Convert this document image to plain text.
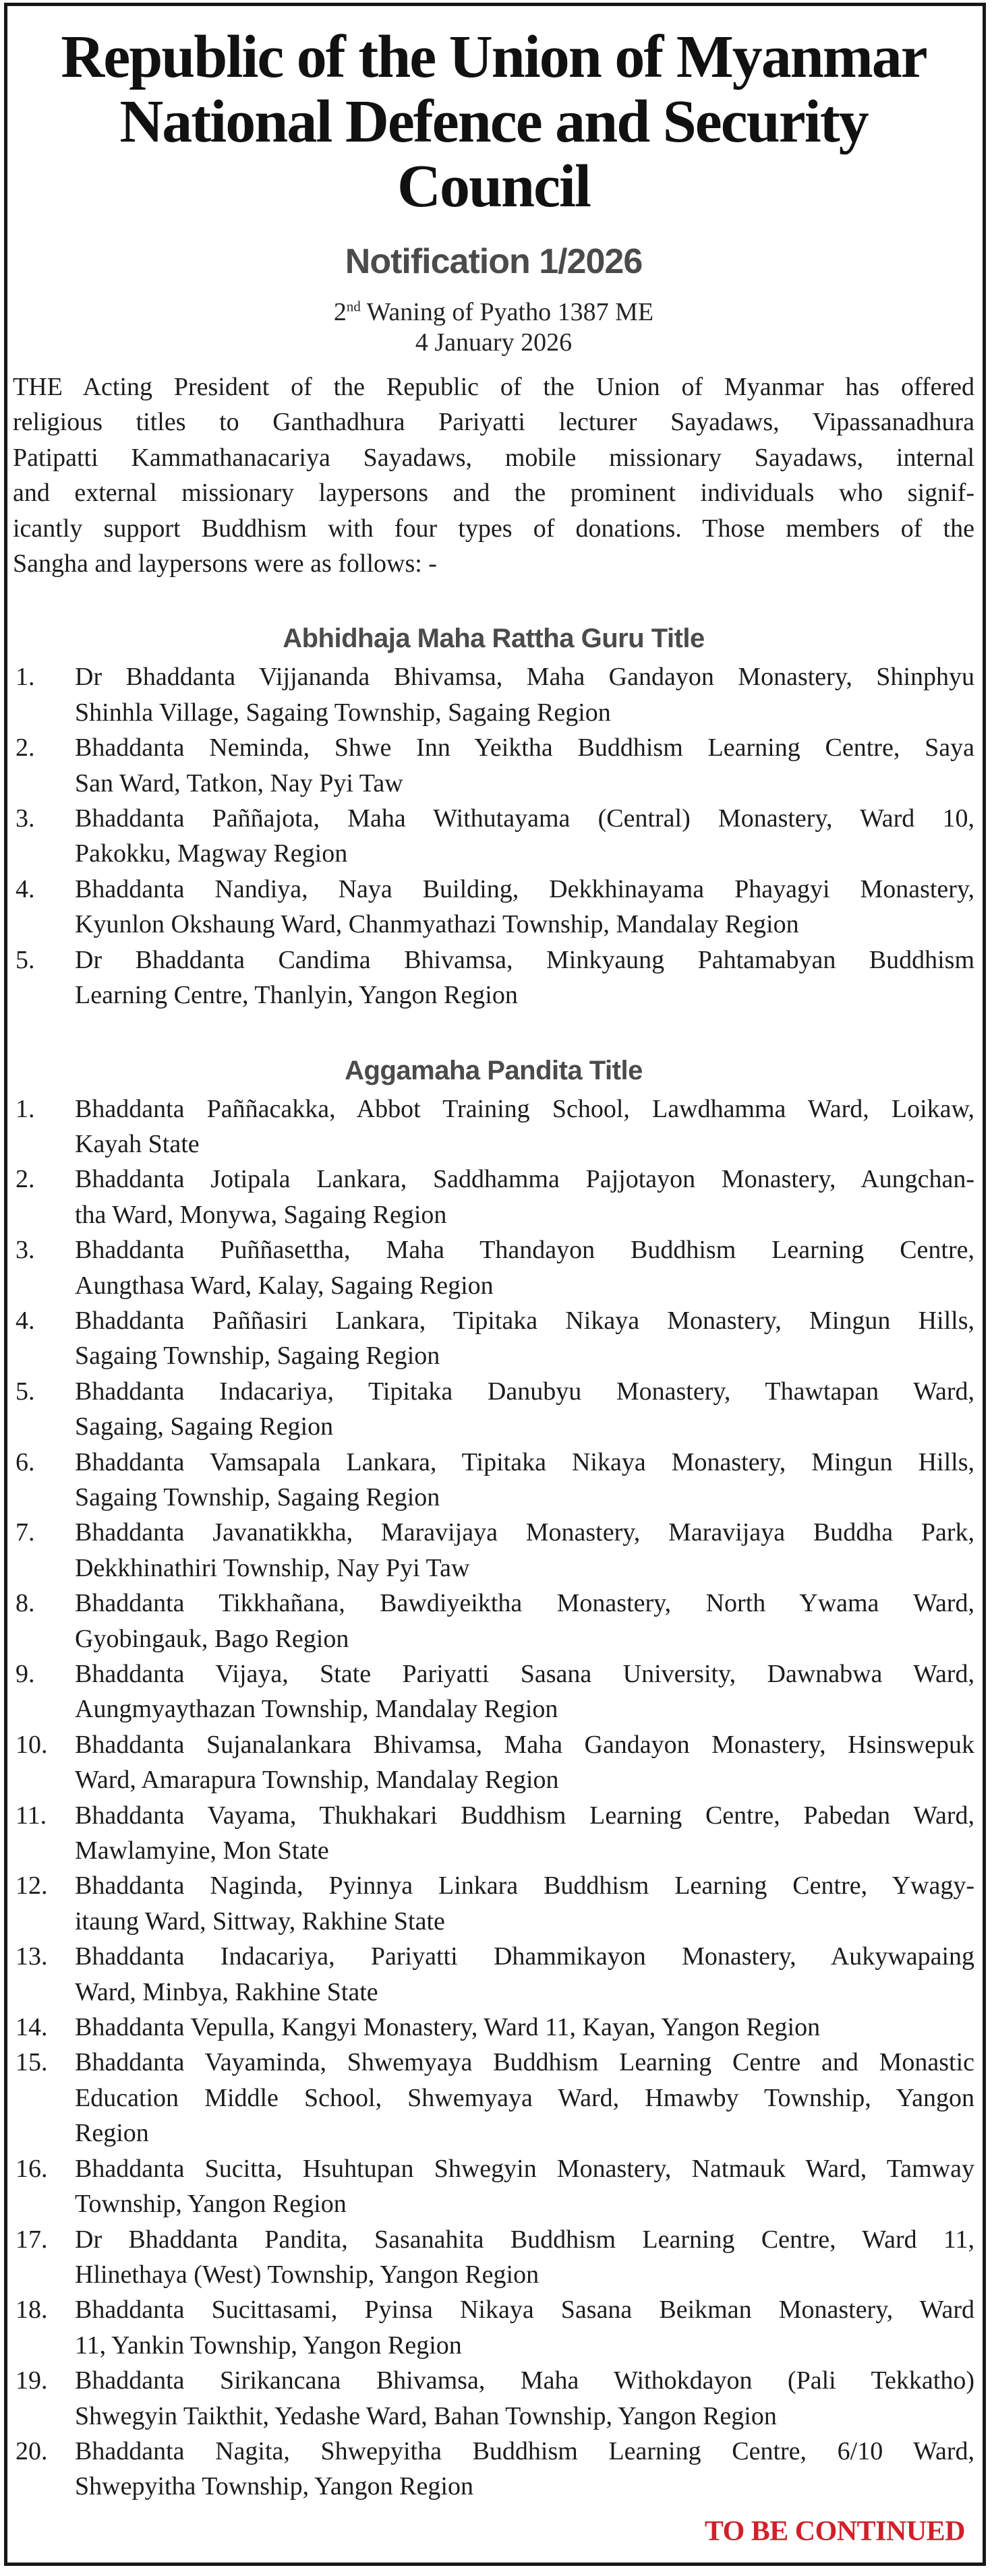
Republic of the Union of Myanmar
National Defence and Security
Council
Notification 1/2026
2nd Waning of Pyatho 1387 ME
4 January 2026
THE Acting President of the Republic of the Union of Myanmar has offered
religious titles to Ganthadhura Pariyatti lecturer Sayadaws, Vipassanadhura
Patipatti Kammathanacariya Sayadaws, mobile missionary Sayadaws, internal
and external missionary laypersons and the prominent individuals who signif-
icantly support Buddhism with four types of donations. Those members of the
Sangha and laypersons were as follows: -
Abhidhaja Maha Rattha Guru Title
1.	Dr Bhaddanta Vijjananda Bhivamsa, Maha Gandayon Monastery, Shinphyu
Shinhla Village, Sagaing Township, Sagaing Region
2.	Bhaddanta Neminda, Shwe Inn Yeiktha Buddhism Learning Centre, Saya
San Ward, Tatkon, Nay Pyi Taw
3.	Bhaddanta Paññajota, Maha Withutayama (Central) Monastery, Ward 10,
Pakokku, Magway Region
4.	Bhaddanta Nandiya, Naya Building, Dekkhinayama Phayagyi Monastery,
Kyunlon Okshaung Ward, Chanmyathazi Township, Mandalay Region
5.	Dr Bhaddanta Candima Bhivamsa, Minkyaung Pahtamabyan Buddhism
Learning Centre, Thanlyin, Yangon Region
Aggamaha Pandita Title
1.	Bhaddanta Paññacakka, Abbot Training School, Lawdhamma Ward, Loikaw,
Kayah State
2.	Bhaddanta Jotipala Lankara, Saddhamma Pajjotayon Monastery, Aungchan-
tha Ward, Monywa, Sagaing Region
3.	Bhaddanta Puññasettha, Maha Thandayon Buddhism Learning Centre,
Aungthasa Ward, Kalay, Sagaing Region
4.	Bhaddanta Paññasiri Lankara, Tipitaka Nikaya Monastery, Mingun Hills,
Sagaing Township, Sagaing Region
5.	Bhaddanta Indacariya, Tipitaka Danubyu Monastery, Thawtapan Ward,
Sagaing, Sagaing Region
6.	Bhaddanta Vamsapala Lankara, Tipitaka Nikaya Monastery, Mingun Hills,
Sagaing Township, Sagaing Region
7.	Bhaddanta Javanatikkha, Maravijaya Monastery, Maravijaya Buddha Park,
Dekkhinathiri Township, Nay Pyi Taw
8.	Bhaddanta Tikkhañana, Bawdiyeiktha Monastery, North Ywama Ward,
Gyobingauk, Bago Region
9.	Bhaddanta Vijaya, State Pariyatti Sasana University, Dawnabwa Ward,
Aungmyaythazan Township, Mandalay Region
10.	Bhaddanta Sujanalankara Bhivamsa, Maha Gandayon Monastery, Hsinswepuk
Ward, Amarapura Township, Mandalay Region
11.	Bhaddanta Vayama, Thukhakari Buddhism Learning Centre, Pabedan Ward,
Mawlamyine, Mon State
12.	Bhaddanta Naginda, Pyinnya Linkara Buddhism Learning Centre, Ywagy-
itaung Ward, Sittway, Rakhine State
13.	Bhaddanta Indacariya, Pariyatti Dhammikayon Monastery, Aukywapaing
Ward, Minbya, Rakhine State
14.	Bhaddanta Vepulla, Kangyi Monastery, Ward 11, Kayan, Yangon Region
15.	Bhaddanta Vayaminda, Shwemyaya Buddhism Learning Centre and Monastic
Education Middle School, Shwemyaya Ward, Hmawby Township, Yangon
Region
16.	Bhaddanta Sucitta, Hsuhtupan Shwegyin Monastery, Natmauk Ward, Tamway
Township, Yangon Region
17.	Dr Bhaddanta Pandita, Sasanahita Buddhism Learning Centre, Ward 11,
Hlinethaya (West) Township, Yangon Region
18.	Bhaddanta Sucittasami, Pyinsa Nikaya Sasana Beikman Monastery, Ward
11, Yankin Township, Yangon Region
19.	Bhaddanta Sirikancana Bhivamsa, Maha Withokdayon (Pali Tekkatho)
Shwegyin Taikthit, Yedashe Ward, Bahan Township, Yangon Region
20.	Bhaddanta Nagita, Shwepyitha Buddhism Learning Centre, 6/10 Ward,
Shwepyitha Township, Yangon Region
TO BE CONTINUED
